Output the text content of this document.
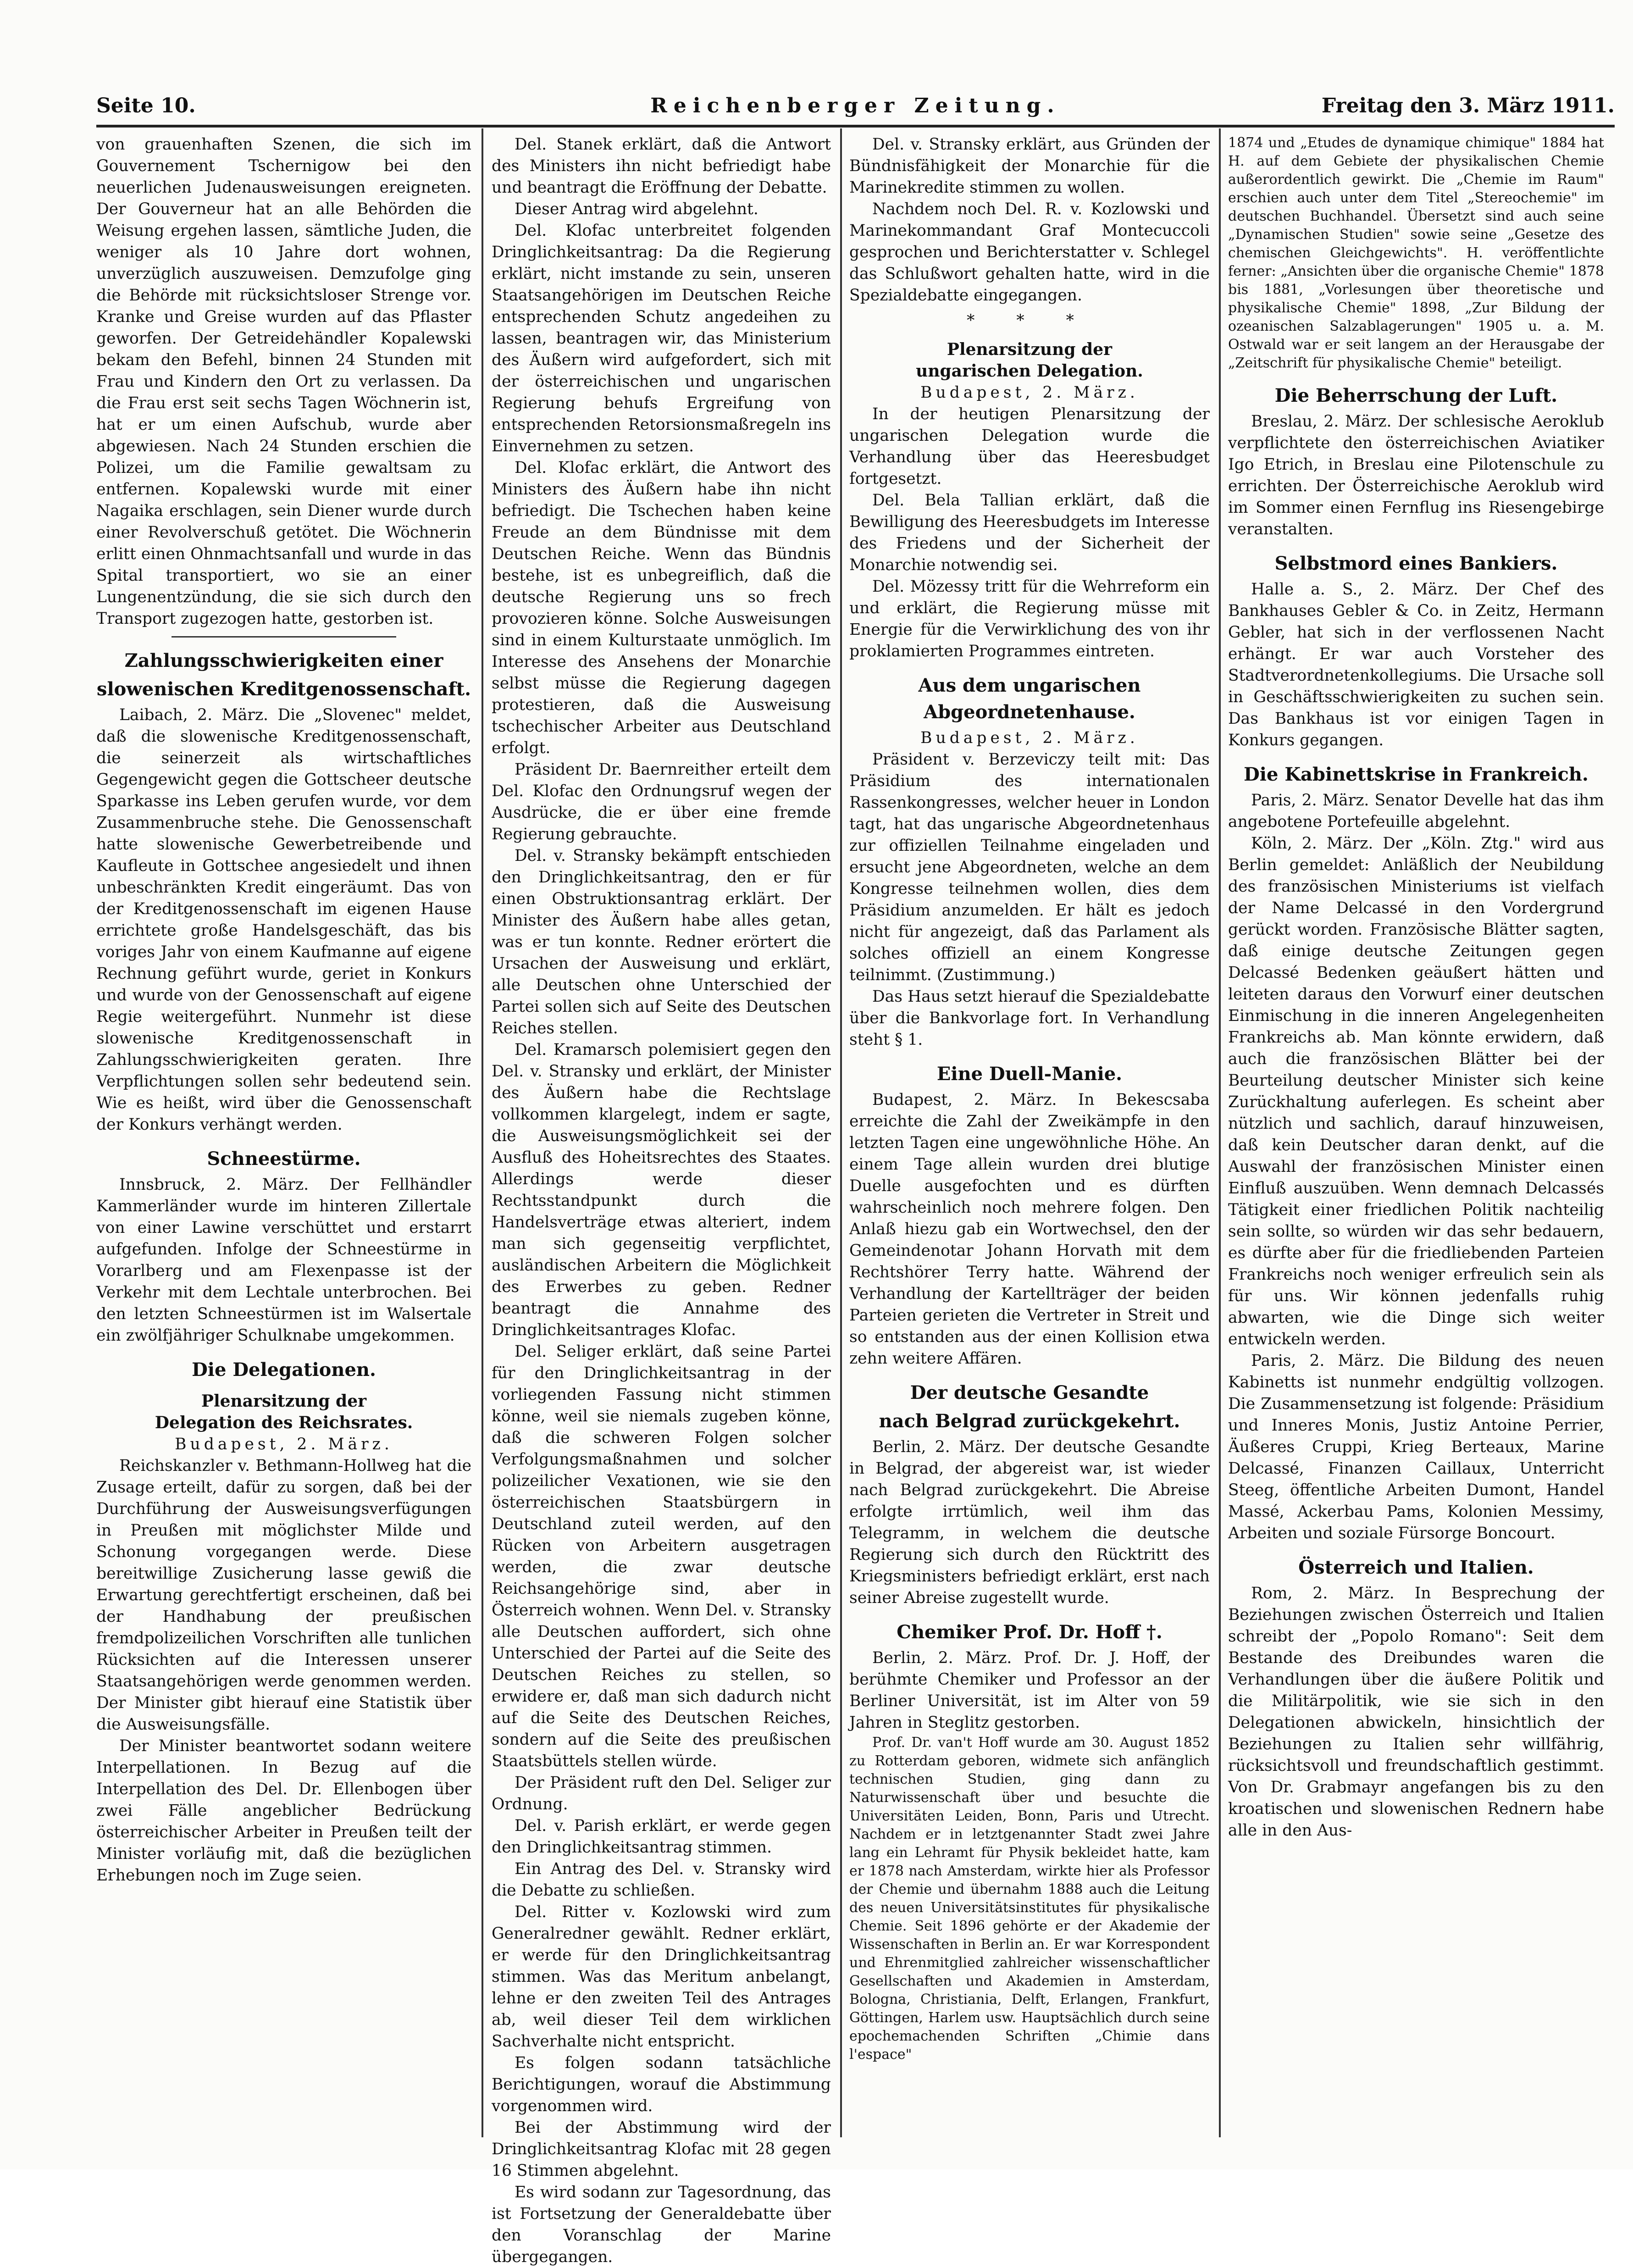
Seite 10.	Reichenberger Zeitung.	Freitag den 3. März 1911.

von grauenhaften Szenen, die sich im Gouvernement Tschernigow bei den neuerlichen Judenausweisungen ereigneten. Der Gouverneur hat an alle Behörden die Weisung ergehen lassen, sämtliche Juden, die weniger als 10 Jahre dort wohnen, unverzüglich auszuweisen. Demzufolge ging die Behörde mit rücksichtsloser Strenge vor. Kranke und Greise wurden auf das Pflaster geworfen. Der Getreidehändler Kopalewski bekam den Befehl, binnen 24 Stunden mit Frau und Kindern den Ort zu verlassen. Da die Frau erst seit sechs Tagen Wöchnerin ist, hat er um einen Aufschub, wurde aber abgewiesen. Nach 24 Stunden erschien die Polizei, um die Familie gewaltsam zu entfernen. Kopalewski wurde mit einer Nagaika erschlagen, sein Diener wurde durch einer Revolverschuß getötet. Die Wöchnerin erlitt einen Ohnmachtsanfall und wurde in das Spital transportiert, wo sie an einer Lungenentzündung, die sie sich durch den Transport zugezogen hatte, gestorben ist.

Zahlungsschwierigkeiten einer
slowenischen Kreditgenossenschaft.

Laibach, 2. März. Die „Slovenec" meldet, daß die slowenische Kreditgenossenschaft, die seinerzeit als wirtschaftliches Gegengewicht gegen die Gottscheer deutsche Sparkasse ins Leben gerufen wurde, vor dem Zusammenbruche stehe. Die Genossenschaft hatte slowenische Gewerbetreibende und Kaufleute in Gottschee angesiedelt und ihnen unbeschränkten Kredit eingeräumt. Das von der Kreditgenossenschaft im eigenen Hause errichtete große Handelsgeschäft, das bis voriges Jahr von einem Kaufmanne auf eigene Rechnung geführt wurde, geriet in Konkurs und wurde von der Genossenschaft auf eigene Regie weitergeführt. Nunmehr ist diese slowenische Kreditgenossenschaft in Zahlungsschwierigkeiten geraten. Ihre Verpflichtungen sollen sehr bedeutend sein. Wie es heißt, wird über die Genossenschaft der Konkurs verhängt werden.

Schneestürme.

Innsbruck, 2. März. Der Fellhändler Kammerländer wurde im hinteren Zillertale von einer Lawine verschüttet und erstarrt aufgefunden. Infolge der Schneestürme in Vorarlberg und am Flexenpasse ist der Verkehr mit dem Lechtale unterbrochen. Bei den letzten Schneestürmen ist im Walsertale ein zwölfjähriger Schulknabe umgekommen.

Die Delegationen.
Plenarsitzung der
Delegation des Reichsrates.
Budapest, 2. März.

Reichskanzler v. Bethmann-Hollweg hat die Zusage erteilt, dafür zu sorgen, daß bei der Durchführung der Ausweisungsverfügungen in Preußen mit möglichster Milde und Schonung vorgegangen werde. Diese bereitwillige Zusicherung lasse gewiß die Erwartung gerechtfertigt erscheinen, daß bei der Handhabung der preußischen fremdpolizeilichen Vorschriften alle tunlichen Rücksichten auf die Interessen unserer Staatsangehörigen werde genommen werden. Der Minister gibt hierauf eine Statistik über die Ausweisungsfälle.

Der Minister beantwortet sodann weitere Interpellationen. In Bezug auf die Interpellation des Del. Dr. Ellenbogen über zwei Fälle angeblicher Bedrückung österreichischer Arbeiter in Preußen teilt der Minister vorläufig mit, daß die bezüglichen Erhebungen noch im Zuge seien.

Del. Stanek erklärt, daß die Antwort des Ministers ihn nicht befriedigt habe und beantragt die Eröffnung der Debatte.

Dieser Antrag wird abgelehnt.

Del. Klofac unterbreitet folgenden Dringlichkeitsantrag: Da die Regierung erklärt, nicht imstande zu sein, unseren Staatsangehörigen im Deutschen Reiche entsprechenden Schutz angedeihen zu lassen, beantragen wir, das Ministerium des Äußern wird aufgefordert, sich mit der österreichischen und ungarischen Regierung behufs Ergreifung von entsprechenden Retorsionsmaßregeln ins Einvernehmen zu setzen.

Del. Klofac erklärt, die Antwort des Ministers des Äußern habe ihn nicht befriedigt. Die Tschechen haben keine Freude an dem Bündnisse mit dem Deutschen Reiche. Wenn das Bündnis bestehe, ist es unbegreiflich, daß die deutsche Regierung uns so frech provozieren könne. Solche Ausweisungen sind in einem Kulturstaate unmöglich. Im Interesse des Ansehens der Monarchie selbst müsse die Regierung dagegen protestieren, daß die Ausweisung tschechischer Arbeiter aus Deutschland erfolgt.

Präsident Dr. Baernreither erteilt dem Del. Klofac den Ordnungsruf wegen der Ausdrücke, die er über eine fremde Regierung gebrauchte.

Del. v. Stransky bekämpft entschieden den Dringlichkeitsantrag, den er für einen Obstruktionsantrag erklärt. Der Minister des Äußern habe alles getan, was er tun konnte. Redner erörtert die Ursachen der Ausweisung und erklärt, alle Deutschen ohne Unterschied der Partei sollen sich auf Seite des Deutschen Reiches stellen.

Del. Kramarsch polemisiert gegen den Del. v. Stransky und erklärt, der Minister des Äußern habe die Rechtslage vollkommen klargelegt, indem er sagte, die Ausweisungsmöglichkeit sei der Ausfluß des Hoheitsrechtes des Staates. Allerdings werde dieser Rechtsstandpunkt durch die Handelsverträge etwas alteriert, indem man sich gegenseitig verpflichtet, ausländischen Arbeitern die Möglichkeit des Erwerbes zu geben. Redner beantragt die Annahme des Dringlichkeitsantrages Klofac.

Del. Seliger erklärt, daß seine Partei für den Dringlichkeitsantrag in der vorliegenden Fassung nicht stimmen könne, weil sie niemals zugeben könne, daß die schweren Folgen solcher Verfolgungsmaßnahmen und solcher polizeilicher Vexationen, wie sie den österreichischen Staatsbürgern in Deutschland zuteil werden, auf den Rücken von Arbeitern ausgetragen werden, die zwar deutsche Reichsangehörige sind, aber in Österreich wohnen. Wenn Del. v. Stransky alle Deutschen auffordert, sich ohne Unterschied der Partei auf die Seite des Deutschen Reiches zu stellen, so erwidere er, daß man sich dadurch nicht auf die Seite des Deutschen Reiches, sondern auf die Seite des preußischen Staatsbüttels stellen würde.

Der Präsident ruft den Del. Seliger zur Ordnung.

Del. v. Parish erklärt, er werde gegen den Dringlichkeitsantrag stimmen.

Ein Antrag des Del. v. Stransky wird die Debatte zu schließen.

Del. Ritter v. Kozlowski wird zum Generalredner gewählt. Redner erklärt, er werde für den Dringlichkeitsantrag stimmen. Was das Meritum anbelangt, lehne er den zweiten Teil des Antrages ab, weil dieser Teil dem wirklichen Sachverhalte nicht entspricht.

Es folgen sodann tatsächliche Berichtigungen, worauf die Abstimmung vorgenommen wird.

Bei der Abstimmung wird der Dringlichkeitsantrag Klofac mit 28 gegen 16 Stimmen abgelehnt.

Es wird sodann zur Tagesordnung, das ist Fortsetzung der Generaldebatte über den Voranschlag der Marine übergegangen.

Del. v. Stransky erklärt, aus Gründen der Bündnisfähigkeit der Monarchie für die Marinekredite stimmen zu wollen.

Nachdem noch Del. R. v. Kozlowski und Marinekommandant Graf Montecuccoli gesprochen und Berichterstatter v. Schlegel das Schlußwort gehalten hatte, wird in die Spezialdebatte eingegangen.

* * *
Plenarsitzung der
ungarischen Delegation.
Budapest, 2. März.

In der heutigen Plenarsitzung der ungarischen Delegation wurde die Verhandlung über das Heeresbudget fortgesetzt.

Del. Bela Tallian erklärt, daß die Bewilligung des Heeresbudgets im Interesse des Friedens und der Sicherheit der Monarchie notwendig sei.

Del. Mözessy tritt für die Wehrreform ein und erklärt, die Regierung müsse mit Energie für die Verwirklichung des von ihr proklamierten Programmes eintreten.

Aus dem ungarischen Abgeordnetenhause.
Budapest, 2. März.

Präsident v. Berzeviczy teilt mit: Das Präsidium des internationalen Rassenkongresses, welcher heuer in London tagt, hat das ungarische Abgeordnetenhaus zur offiziellen Teilnahme eingeladen und ersucht jene Abgeordneten, welche an dem Kongresse teilnehmen wollen, dies dem Präsidium anzumelden. Er hält es jedoch nicht für angezeigt, daß das Parlament als solches offiziell an einem Kongresse teilnimmt. (Zustimmung.)

Das Haus setzt hierauf die Spezialdebatte über die Bankvorlage fort. In Verhandlung steht § 1.

Eine Duell-Manie.

Budapest, 2. März. In Bekescsaba erreichte die Zahl der Zweikämpfe in den letzten Tagen eine ungewöhnliche Höhe. An einem Tage allein wurden drei blutige Duelle ausgefochten und es dürften wahrscheinlich noch mehrere folgen. Den Anlaß hiezu gab ein Wortwechsel, den der Gemeindenotar Johann Horvath mit dem Rechtshörer Terry hatte. Während der Verhandlung der Kartellträger der beiden Parteien gerieten die Vertreter in Streit und so entstanden aus der einen Kollision etwa zehn weitere Affären.

Der deutsche Gesandte
nach Belgrad zurückgekehrt.

Berlin, 2. März. Der deutsche Gesandte in Belgrad, der abgereist war, ist wieder nach Belgrad zurückgekehrt. Die Abreise erfolgte irrtümlich, weil ihm das Telegramm, in welchem die deutsche Regierung sich durch den Rücktritt des Kriegsministers befriedigt erklärt, erst nach seiner Abreise zugestellt wurde.

Chemiker Prof. Dr. Hoff †.

Berlin, 2. März. Prof. Dr. J. Hoff, der berühmte Chemiker und Professor an der Berliner Universität, ist im Alter von 59 Jahren in Steglitz gestorben.

Prof. Dr. van't Hoff wurde am 30. August 1852 zu Rotterdam geboren, widmete sich anfänglich technischen Studien, ging dann zu Naturwissenschaft über und besuchte die Universitäten Leiden, Bonn, Paris und Utrecht. Nachdem er in letztgenannter Stadt zwei Jahre lang ein Lehramt für Physik bekleidet hatte, kam er 1878 nach Amsterdam, wirkte hier als Professor der Chemie und übernahm 1888 auch die Leitung des neuen Universitätsinstitutes für physikalische Chemie. Seit 1896 gehörte er der Akademie der Wissenschaften in Berlin an. Er war Korrespondent und Ehrenmitglied zahlreicher wissenschaftlicher Gesellschaften und Akademien in Amsterdam, Bologna, Christiania, Delft, Erlangen, Frankfurt, Göttingen, Harlem usw. Hauptsächlich durch seine epochemachenden Schriften „Chimie dans l'espace"

1874 und „Etudes de dynamique chimique" 1884 hat H. auf dem Gebiete der physikalischen Chemie außerordentlich gewirkt. Die „Chemie im Raum" erschien auch unter dem Titel „Stereochemie" im deutschen Buchhandel. Übersetzt sind auch seine „Dynamischen Studien" sowie seine „Gesetze des chemischen Gleichgewichts". H. veröffentlichte ferner: „Ansichten über die organische Chemie" 1878 bis 1881, „Vorlesungen über theoretische und physikalische Chemie" 1898, „Zur Bildung der ozeanischen Salzablagerungen" 1905 u. a. M. Ostwald war er seit langem an der Herausgabe der „Zeitschrift für physikalische Chemie" beteiligt.

Die Beherrschung der Luft.

Breslau, 2. März. Der schlesische Aeroklub verpflichtete den österreichischen Aviatiker Igo Etrich, in Breslau eine Pilotenschule zu errichten. Der Österreichische Aeroklub wird im Sommer einen Fernflug ins Riesengebirge veranstalten.

Selbstmord eines Bankiers.

Halle a. S., 2. März. Der Chef des Bankhauses Gebler & Co. in Zeitz, Hermann Gebler, hat sich in der verflossenen Nacht erhängt. Er war auch Vorsteher des Stadtverordnetenkollegiums. Die Ursache soll in Geschäftsschwierigkeiten zu suchen sein. Das Bankhaus ist vor einigen Tagen in Konkurs gegangen.

Die Kabinettskrise in Frankreich.

Paris, 2. März. Senator Develle hat das ihm angebotene Portefeuille abgelehnt.

Köln, 2. März. Der „Köln. Ztg." wird aus Berlin gemeldet: Anläßlich der Neubildung des französischen Ministeriums ist vielfach der Name Delcassé in den Vordergrund gerückt worden. Französische Blätter sagten, daß einige deutsche Zeitungen gegen Delcassé Bedenken geäußert hätten und leiteten daraus den Vorwurf einer deutschen Einmischung in die inneren Angelegenheiten Frankreichs ab. Man könnte erwidern, daß auch die französischen Blätter bei der Beurteilung deutscher Minister sich keine Zurückhaltung auferlegen. Es scheint aber nützlich und sachlich, darauf hinzuweisen, daß kein Deutscher daran denkt, auf die Auswahl der französischen Minister einen Einfluß auszuüben. Wenn demnach Delcassés Tätigkeit einer friedlichen Politik nachteilig sein sollte, so würden wir das sehr bedauern, es dürfte aber für die friedliebenden Parteien Frankreichs noch weniger erfreulich sein als für uns. Wir können jedenfalls ruhig abwarten, wie die Dinge sich weiter entwickeln werden.

Paris, 2. März. Die Bildung des neuen Kabinetts ist nunmehr endgültig vollzogen. Die Zusammensetzung ist folgende: Präsidium und Inneres Monis, Justiz Antoine Perrier, Äußeres Cruppi, Krieg Berteaux, Marine Delcassé, Finanzen Caillaux, Unterricht Steeg, öffentliche Arbeiten Dumont, Handel Massé, Ackerbau Pams, Kolonien Messimy, Arbeiten und soziale Fürsorge Boncourt.

Österreich und Italien.

Rom, 2. März. In Besprechung der Beziehungen zwischen Österreich und Italien schreibt der „Popolo Romano": Seit dem Bestande des Dreibundes waren die Verhandlungen über die äußere Politik und die Militärpolitik, wie sie sich in den Delegationen abwickeln, hinsichtlich der Beziehungen zu Italien sehr willfährig, rücksichtsvoll und freundschaftlich gestimmt. Von Dr. Grabmayr angefangen bis zu den kroatischen und slowenischen Rednern habe alle in den Aus-
